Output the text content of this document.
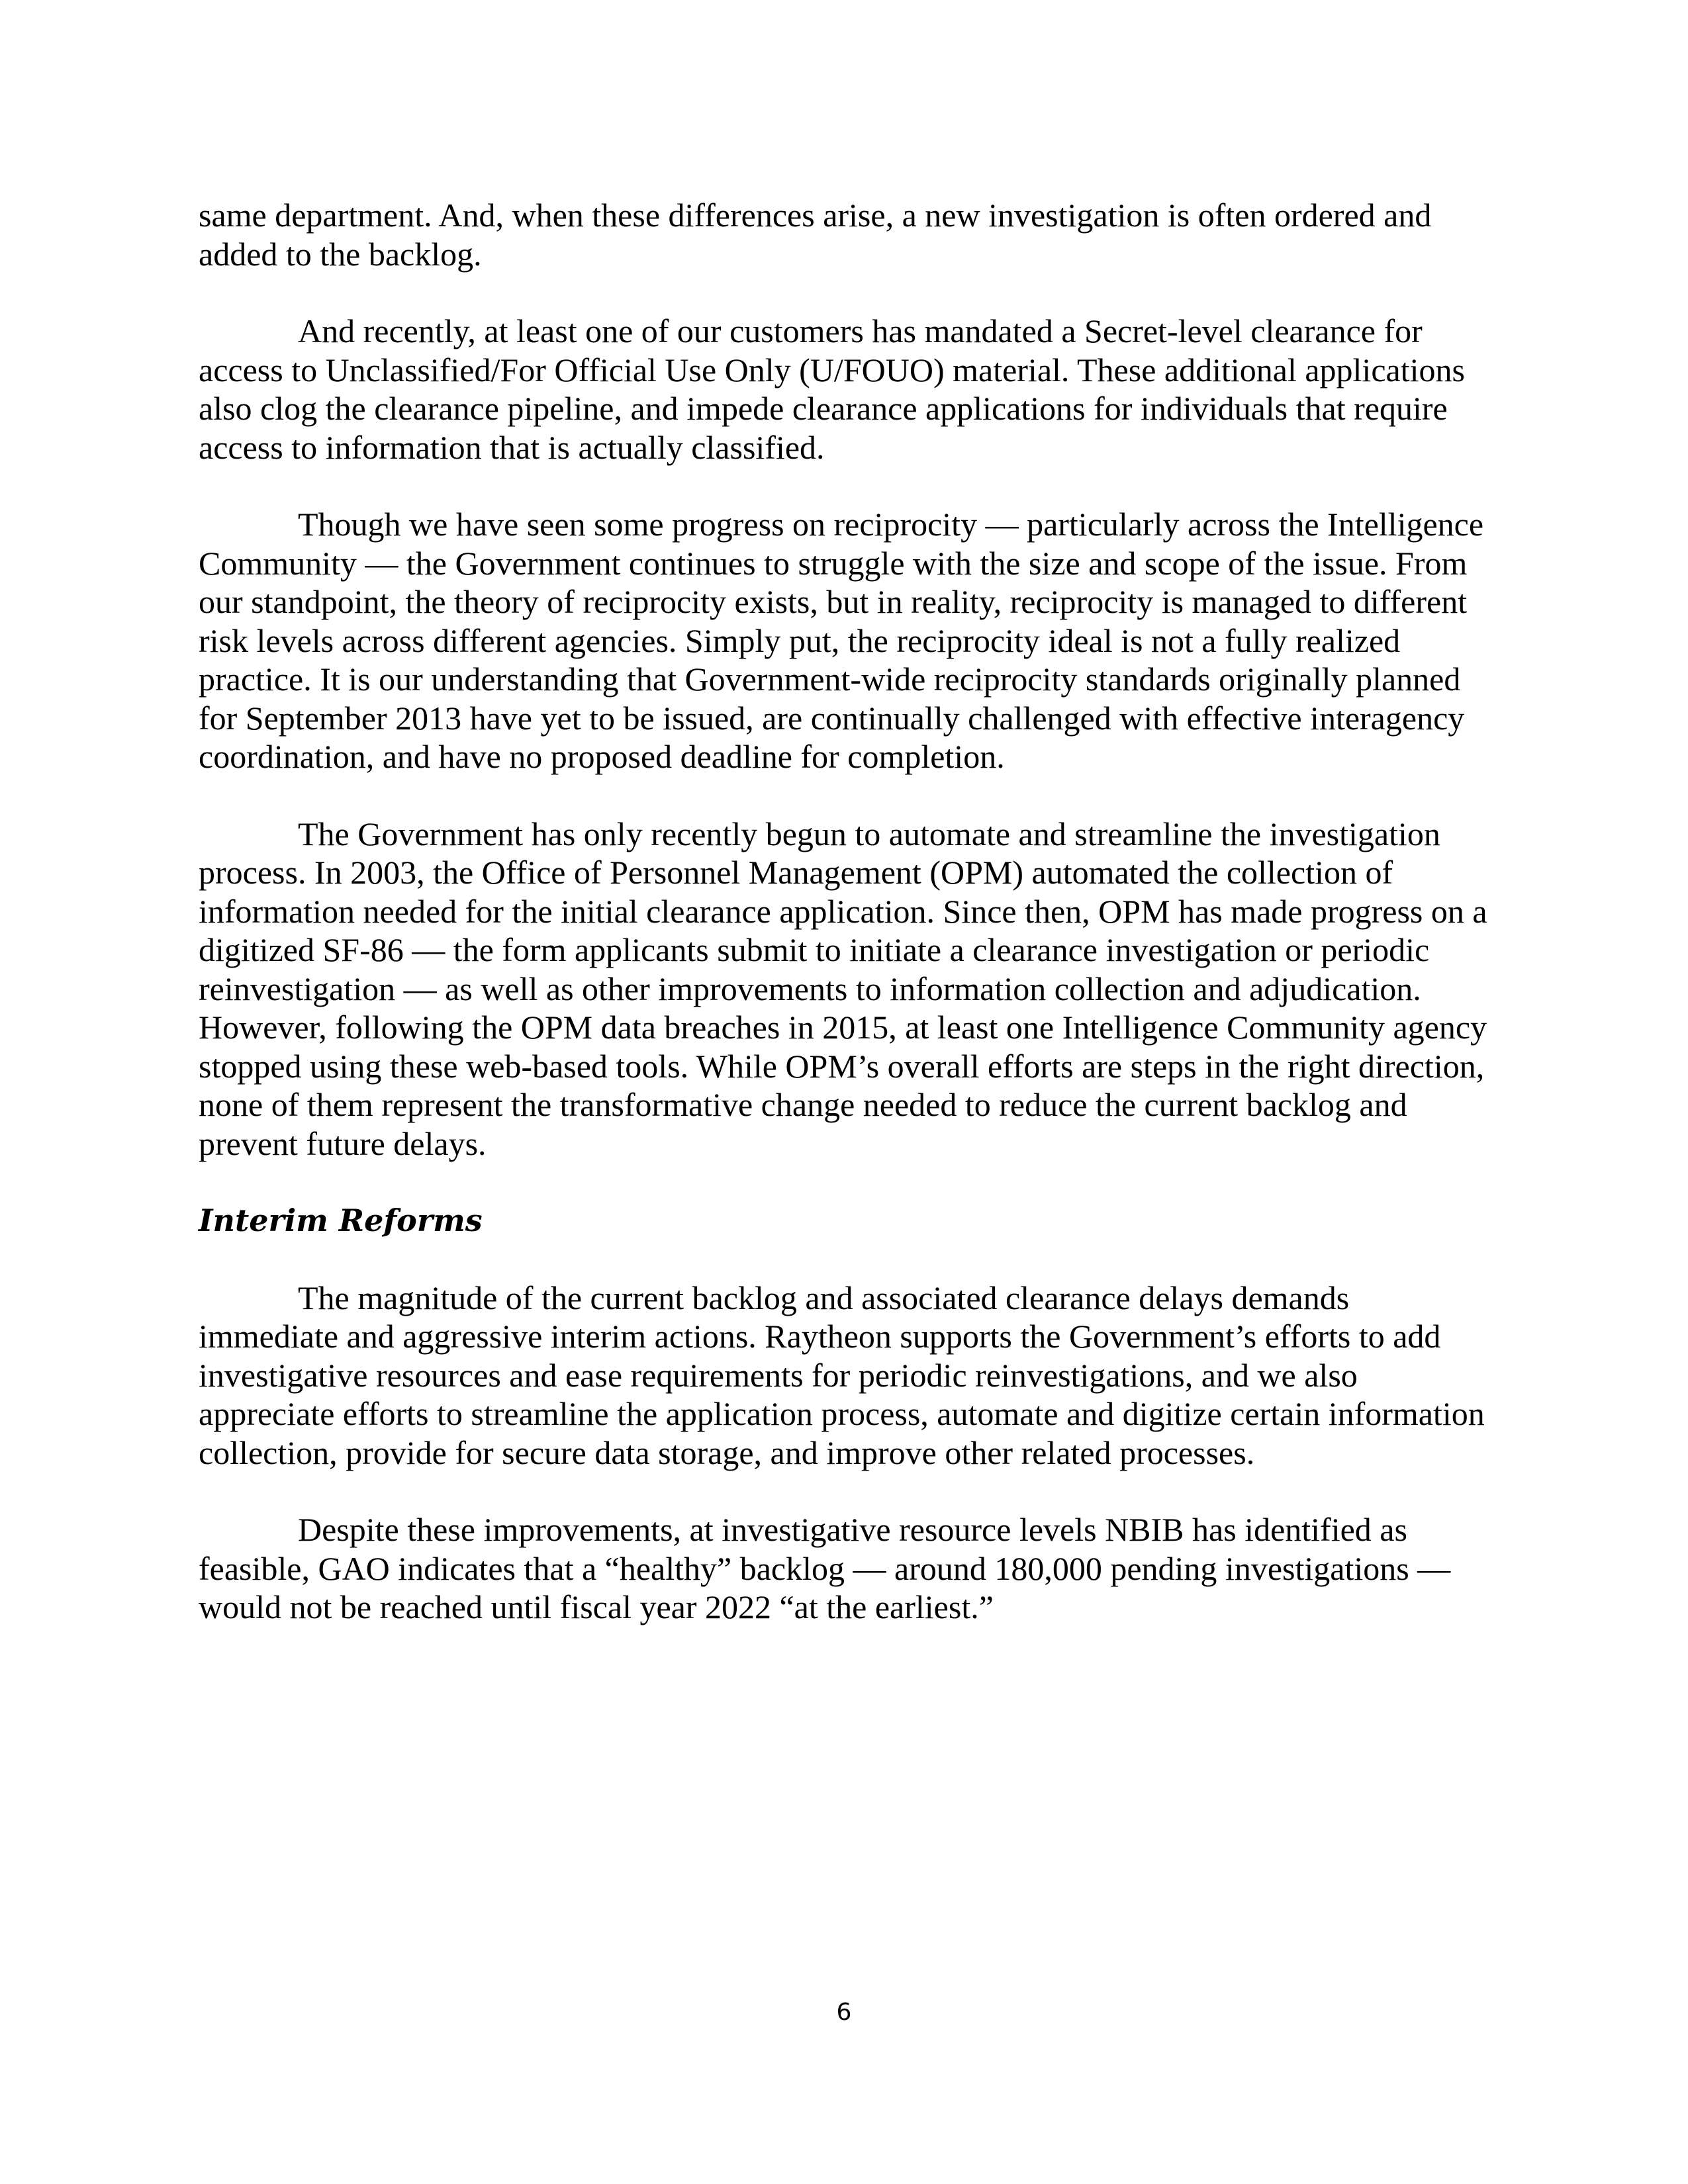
same department. And, when these differences arise, a new investigation is often ordered and added to the backlog.

And recently, at least one of our customers has mandated a Secret-level clearance for access to Unclassified/For Official Use Only (U/FOUO) material. These additional applications also clog the clearance pipeline, and impede clearance applications for individuals that require access to information that is actually classified.

Though we have seen some progress on reciprocity — particularly across the Intelligence Community — the Government continues to struggle with the size and scope of the issue. From our standpoint, the theory of reciprocity exists, but in reality, reciprocity is managed to different risk levels across different agencies. Simply put, the reciprocity ideal is not a fully realized practice. It is our understanding that Government-wide reciprocity standards originally planned for September 2013 have yet to be issued, are continually challenged with effective interagency coordination, and have no proposed deadline for completion.

The Government has only recently begun to automate and streamline the investigation process. In 2003, the Office of Personnel Management (OPM) automated the collection of information needed for the initial clearance application. Since then, OPM has made progress on a digitized SF-86 — the form applicants submit to initiate a clearance investigation or periodic reinvestigation — as well as other improvements to information collection and adjudication. However, following the OPM data breaches in 2015, at least one Intelligence Community agency stopped using these web-based tools. While OPM’s overall efforts are steps in the right direction, none of them represent the transformative change needed to reduce the current backlog and prevent future delays.

Interim Reforms

The magnitude of the current backlog and associated clearance delays demands immediate and aggressive interim actions. Raytheon supports the Government’s efforts to add investigative resources and ease requirements for periodic reinvestigations, and we also appreciate efforts to streamline the application process, automate and digitize certain information collection, provide for secure data storage, and improve other related processes.

Despite these improvements, at investigative resource levels NBIB has identified as feasible, GAO indicates that a “healthy” backlog — around 180,000 pending investigations — would not be reached until fiscal year 2022 “at the earliest.”

6
